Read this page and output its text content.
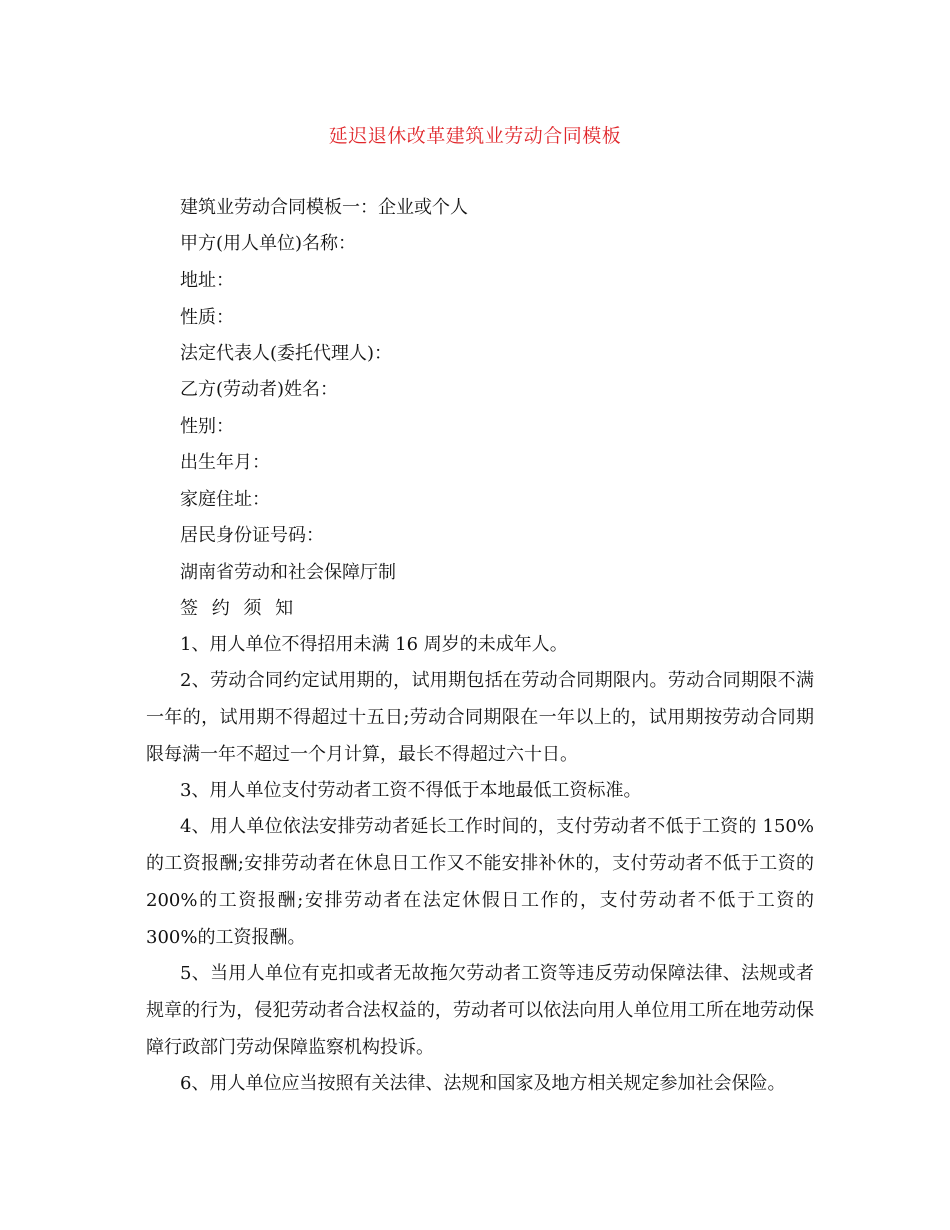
延迟退休改革建筑业劳动合同模板
建筑业劳动合同模板一：企业或个人
甲方(用人单位)名称：
地址：
性质：
法定代表人(委托代理人)：
乙方(劳动者)姓名：
性别：
出生年月：
家庭住址：
居民身份证号码：
湖南省劳动和社会保障厅制
签 约 须 知
1、用人单位不得招用未满 16 周岁的未成年人。
2、劳动合同约定试用期的，试用期包括在劳动合同期限内。劳动合同期限不满一年的，试用期不得超过十五日;劳动合同期限在一年以上的，试用期按劳动合同期限每满一年不超过一个月计算，最长不得超过六十日。
3、用人单位支付劳动者工资不得低于本地最低工资标准。
4、用人单位依法安排劳动者延长工作时间的，支付劳动者不低于工资的 150%的工资报酬;安排劳动者在休息日工作又不能安排补休的，支付劳动者不低于工资的 200%的工资报酬;安排劳动者在法定休假日工作的，支付劳动者不低于工资的 300%的工资报酬。
5、当用人单位有克扣或者无故拖欠劳动者工资等违反劳动保障法律、法规或者规章的行为，侵犯劳动者合法权益的，劳动者可以依法向用人单位用工所在地劳动保障行政部门劳动保障监察机构投诉。
6、用人单位应当按照有关法律、法规和国家及地方相关规定参加社会保险。
